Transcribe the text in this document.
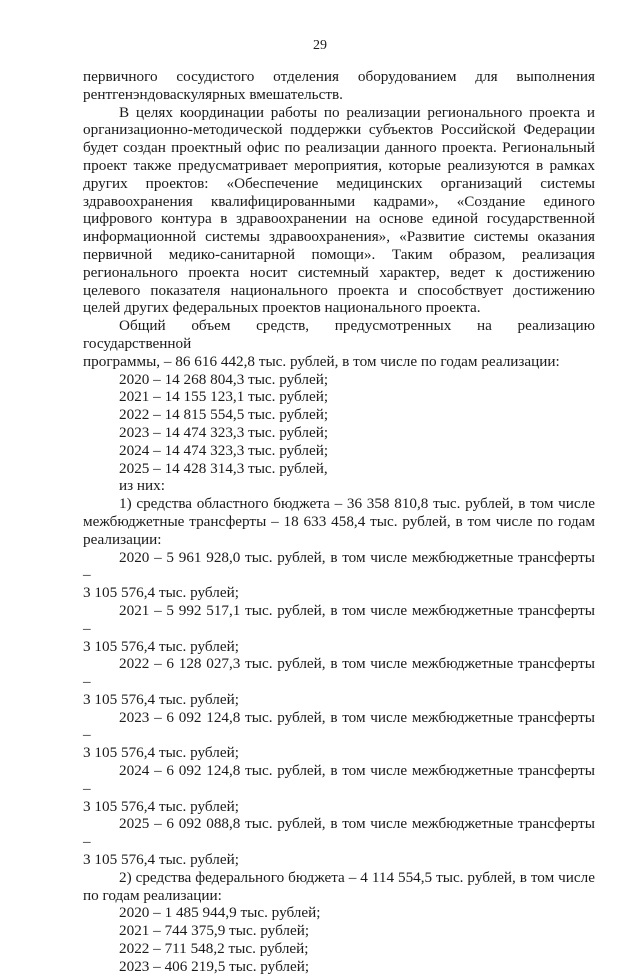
29

первичного сосудистого отделения оборудованием для выполнения

рентгенэндоваскулярных вмешательств.

В целях координации работы по реализации регионального проекта и

организационно-методической поддержки субъектов Российской Федерации будет создан проектный офис по реализации данного проекта. Региональный проект также предусматривает мероприятия, которые реализуются в рамках других проектов: «Обеспечение медицинских организаций системы здравоохранения квалифицированными кадрами», «Создание единого цифрового контура в здравоохранении на основе единой государственной информационной системы здравоохранения», «Развитие системы оказания первичной медико-санитарной помощи». Таким образом, реализация регионального проекта носит системный характер, ведет к достижению целевого показателя национального проекта и способствует достижению целей других федеральных проектов национального проекта.

Общий объем средств, предусмотренных на реализацию государственной

программы, – 86 616 442,8 тыс. рублей, в том числе по годам реализации:

2020 – 14 268 804,3 тыс. рублей;

2021 – 14 155 123,1 тыс. рублей;

2022 – 14 815 554,5 тыс. рублей;

2023 – 14 474 323,3 тыс. рублей;

2024 – 14 474 323,3 тыс. рублей;

2025 – 14 428 314,3 тыс. рублей,

из них:

1) средства областного бюджета – 36 358 810,8 тыс. рублей, в том числе

межбюджетные трансферты – 18 633 458,4 тыс. рублей, в том числе по годам

реализации:

2020 – 5 961 928,0 тыс. рублей, в том числе межбюджетные трансферты –

3 105 576,4 тыс. рублей;

2021 – 5 992 517,1 тыс. рублей, в том числе межбюджетные трансферты –

3 105 576,4 тыс. рублей;

2022 – 6 128 027,3 тыс. рублей, в том числе межбюджетные трансферты –

3 105 576,4 тыс. рублей;

2023 – 6 092 124,8 тыс. рублей, в том числе межбюджетные трансферты –

3 105 576,4 тыс. рублей;

2024 – 6 092 124,8 тыс. рублей, в том числе межбюджетные трансферты –

3 105 576,4 тыс. рублей;

2025 – 6 092 088,8 тыс. рублей, в том числе межбюджетные трансферты –

3 105 576,4 тыс. рублей;

2) средства федерального бюджета – 4 114 554,5 тыс. рублей, в том числе

по годам реализации:

2020 – 1 485 944,9 тыс. рублей;

2021 – 744 375,9 тыс. рублей;

2022 – 711 548,2 тыс. рублей;

2023 – 406 219,5 тыс. рублей;
